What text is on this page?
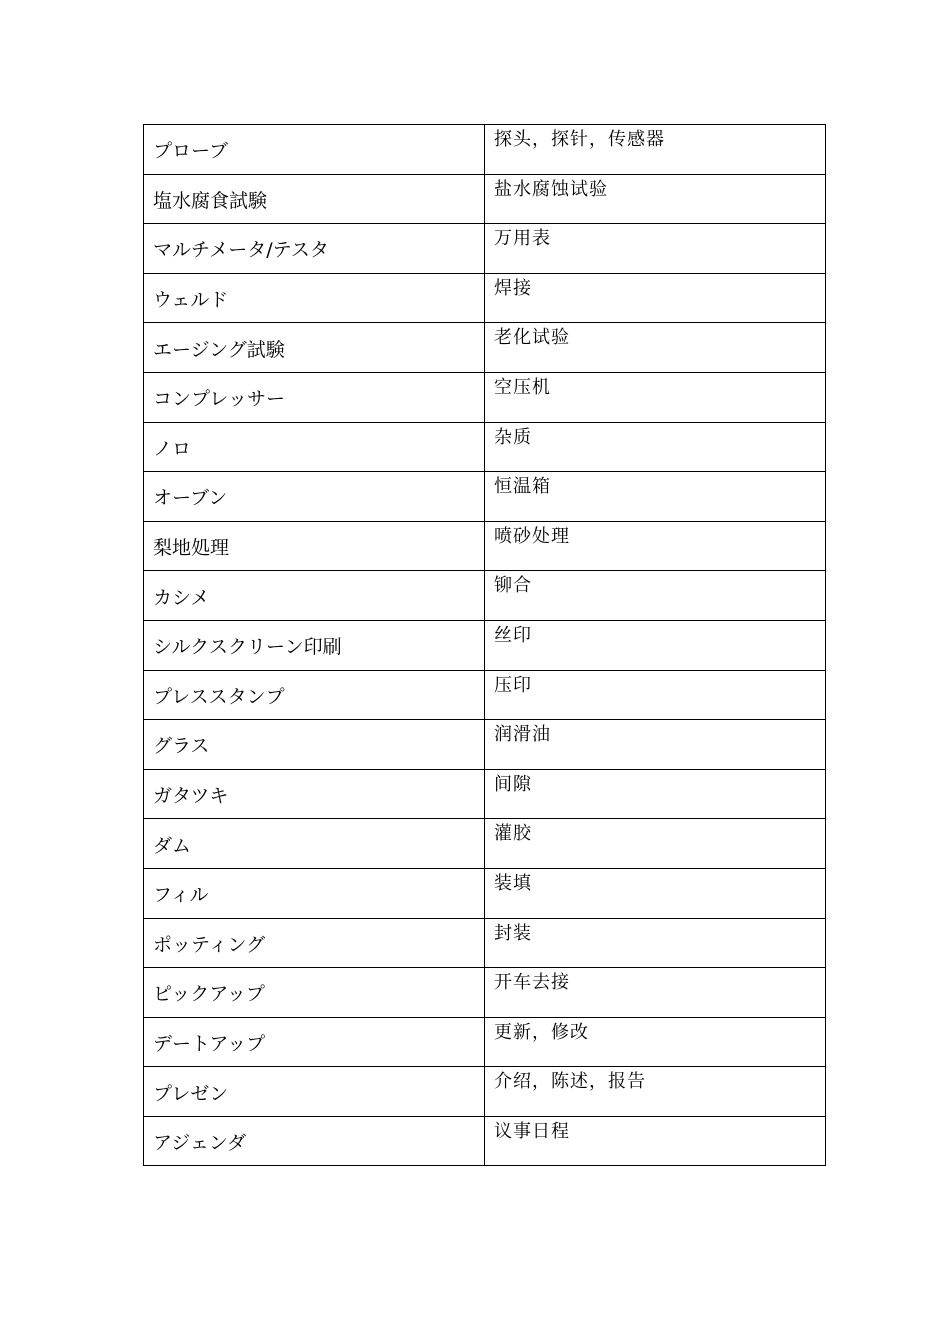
プローブ	探头，探针，传感器
塩水腐食試験	盐水腐蚀试验
マルチメータ/テスタ	万用表
ウェルド	焊接
エージング試験	老化试验
コンプレッサー	空压机
ノロ	杂质
オーブン	恒温箱
梨地処理	喷砂处理
カシメ	铆合
シルクスクリーン印刷	丝印
プレススタンプ	压印
グラス	润滑油
ガタツキ	间隙
ダム	灌胶
フィル	装填
ポッティング	封装
ピックアップ	开车去接
デートアップ	更新，修改
プレゼン	介绍，陈述，报告
アジェンダ	议事日程
